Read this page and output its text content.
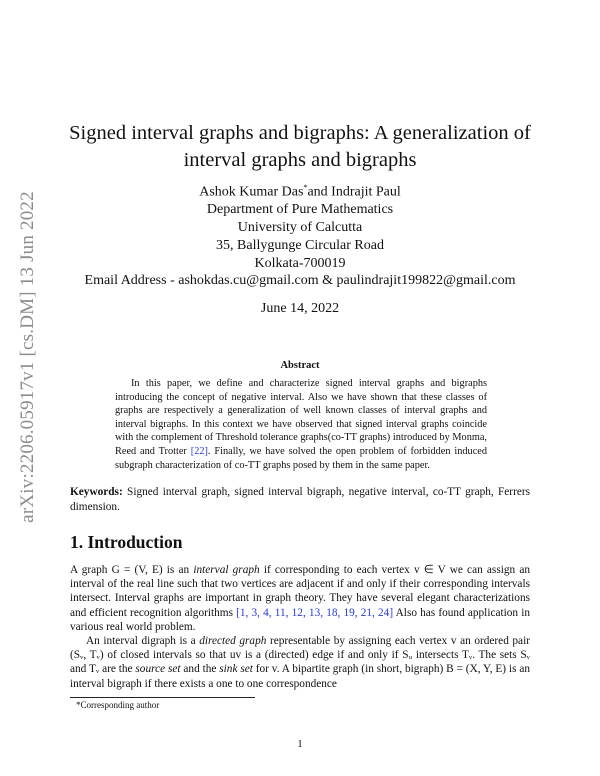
arXiv:2206.05917v1 [cs.DM] 13 Jun 2022
Signed interval graphs and bigraphs: A generalization of
interval graphs and bigraphs
Ashok Kumar Das*and Indrajit Paul
Department of Pure Mathematics
University of Calcutta
35, Ballygunge Circular Road
Kolkata-700019
Email Address - ashokdas.cu@gmail.com & paulindrajit199822@gmail.com
June 14, 2022
Abstract
In this paper, we define and characterize signed interval graphs and bigraphs introducing the concept of negative interval. Also we have shown that these classes of graphs are respectively a generalization of well known classes of interval graphs and interval bigraphs. In this context we have observed that signed interval graphs coincide with the complement of Threshold tolerance graphs(co-TT graphs) introduced by Monma, Reed and Trotter [22]. Finally, we have solved the open problem of forbidden induced subgraph characterization of co-TT graphs posed by them in the same paper.
Keywords: Signed interval graph, signed interval bigraph, negative interval, co-TT graph, Ferrers dimension.
1. Introduction

A graph G = (V, E) is an interval graph if corresponding to each vertex v ∈ V we can assign an interval of the real line such that two vertices are adjacent if and only if their corresponding intervals intersect. Interval graphs are important in graph theory. They have several elegant characterizations and efficient recognition algorithms [1, 3, 4, 11, 12, 13, 18, 19, 21, 24] Also has found application in various real world problem.

An interval digraph is a directed graph representable by assigning each vertex v an ordered pair (Sᵥ, Tᵥ) of closed intervals so that uv is a (directed) edge if and only if Sᵤ intersects Tᵥ. The sets Sᵥ and Tᵥ are the source set and the sink set for v. A bipartite graph (in short, bigraph) B = (X, Y, E) is an interval bigraph if there exists a one to one correspondence

*Corresponding author
1
